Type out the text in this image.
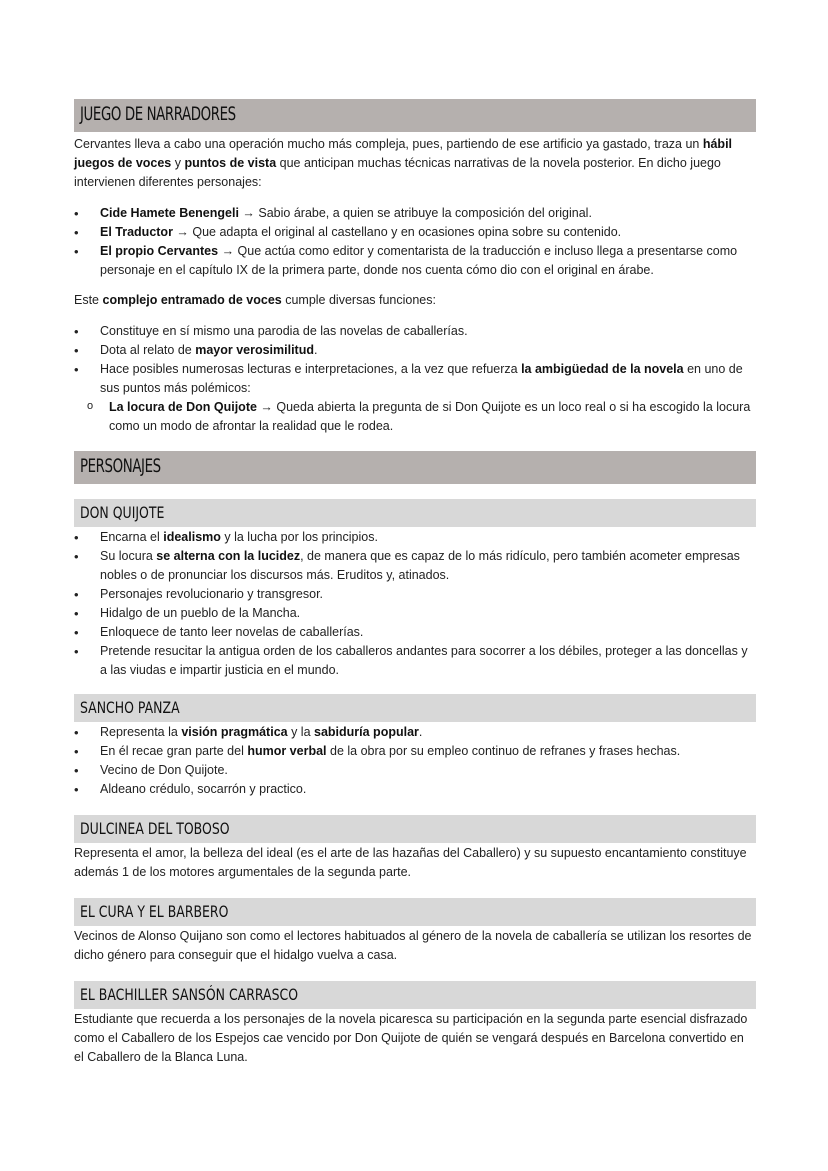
JUEGO DE NARRADORES

Cervantes lleva a cabo una operación mucho más compleja, pues, partiendo de ese artificio ya gastado, traza un hábil juegos de voces y puntos de vista que anticipan muchas técnicas narrativas de la novela posterior. En dicho juego intervienen diferentes personajes:

• Cide Hamete Benengeli → Sabio árabe, a quien se atribuye la composición del original.
• El Traductor → Que adapta el original al castellano y en ocasiones opina sobre su contenido.
• El propio Cervantes → Que actúa como editor y comentarista de la traducción e incluso llega a presentarse como personaje en el capítulo IX de la primera parte, donde nos cuenta cómo dio con el original en árabe.

Este complejo entramado de voces cumple diversas funciones:

• Constituye en sí mismo una parodia de las novelas de caballerías.
• Dota al relato de mayor verosimilitud.
• Hace posibles numerosas lecturas e interpretaciones, a la vez que refuerza la ambigüedad de la novela en uno de sus puntos más polémicos:
o La locura de Don Quijote → Queda abierta la pregunta de si Don Quijote es un loco real o si ha escogido la locura como un modo de afrontar la realidad que le rodea.
PERSONAJES
DON QUIJOTE
• Encarna el idealismo y la lucha por los principios.
• Su locura se alterna con la lucidez, de manera que es capaz de lo más ridículo, pero también acometer empresas nobles o de pronunciar los discursos más. Eruditos y, atinados.
• Personajes revolucionario y transgresor.
• Hidalgo de un pueblo de la Mancha.
• Enloquece de tanto leer novelas de caballerías.
• Pretende resucitar la antigua orden de los caballeros andantes para socorrer a los débiles, proteger a las doncellas y a las viudas e impartir justicia en el mundo.
SANCHO PANZA
• Representa la visión pragmática y la sabiduría popular.
• En él recae gran parte del humor verbal de la obra por su empleo continuo de refranes y frases hechas.
• Vecino de Don Quijote.
• Aldeano crédulo, socarrón y practico.
DULCINEA DEL TOBOSO

Representa el amor, la belleza del ideal (es el arte de las hazañas del Caballero) y su supuesto encantamiento constituye además 1 de los motores argumentales de la segunda parte.

EL CURA Y EL BARBERO

Vecinos de Alonso Quijano son como el lectores habituados al género de la novela de caballería se utilizan los resortes de dicho género para conseguir que el hidalgo vuelva a casa.

EL BACHILLER SANSÓN CARRASCO

Estudiante que recuerda a los personajes de la novela picaresca su participación en la segunda parte esencial disfrazado como el Caballero de los Espejos cae vencido por Don Quijote de quién se vengará después en Barcelona convertido en el Caballero de la Blanca Luna.
